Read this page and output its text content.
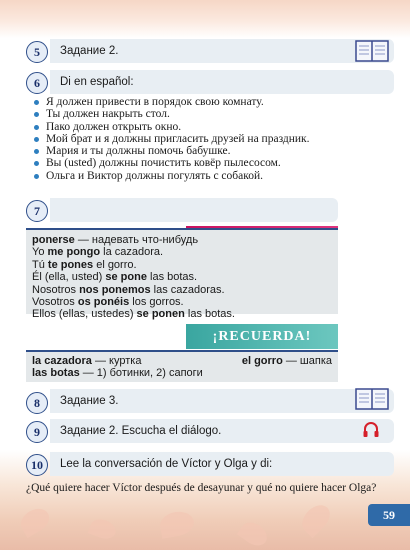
5	Задание 2.
6	Di en español:
Я должен привести в порядок свою комнату.
Ты должен накрыть стол.
Пако должен открыть окно.
Мой брат и я должны пригласить друзей на праздник.
Мария и ты должны помочь бабушке.
Вы (usted) должны почистить ковёр пылесосом.
Ольга и Виктор должны погулять с собакой.
7
ponerse — надевать что-нибудь
Yo me pongo la cazadora.
Tú te pones el gorro.
Él (ella, usted) se pone las botas.
Nosotros nos ponemos las cazadoras.
Vosotros os ponéis los gorros.
Ellos (ellas, ustedes) se ponen las botas.
¡RECUERDA!
la cazadora — куртка	el gorro — шапка
las botas — 1) ботинки, 2) сапоги
8	Задание 3.
9	Задание 2. Escucha el diálogo.
10	Lee la conversación de Víctor y Olga y di:
¿Qué quiere hacer Víctor después de desayunar y qué no quiere hacer Olga?
59
